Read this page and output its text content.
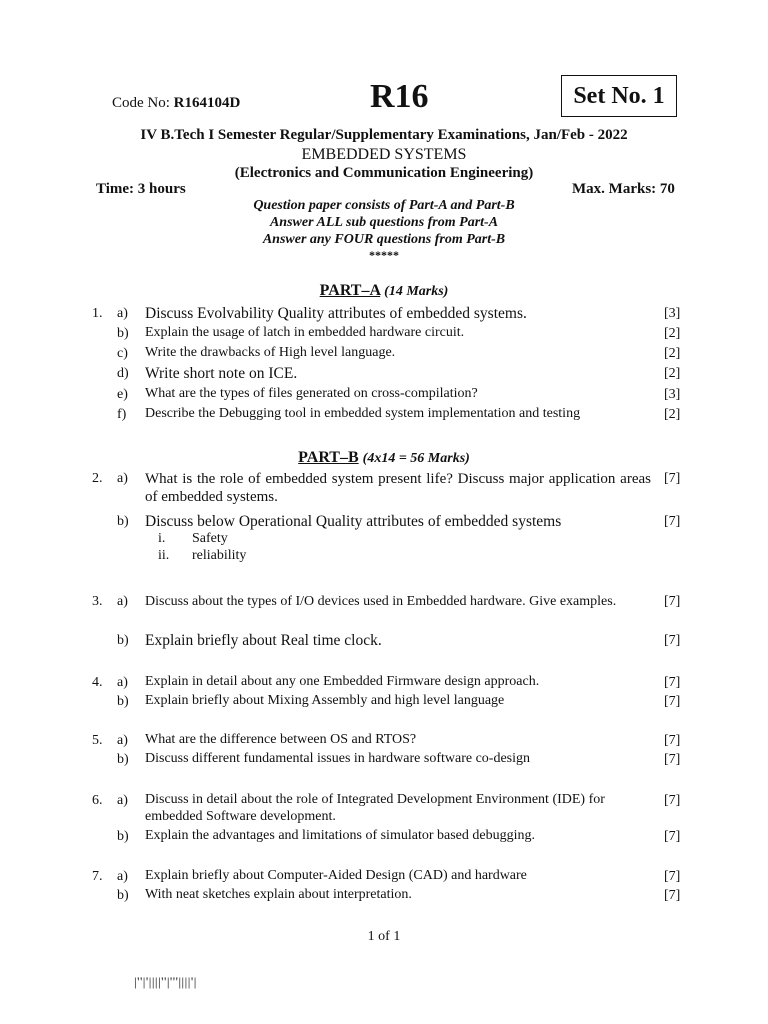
Code No: R164104D	R16	Set No. 1
IV B.Tech I Semester Regular/Supplementary Examinations, Jan/Feb - 2022
EMBEDDED SYSTEMS
(Electronics and Communication Engineering)
Time: 3 hours	Max. Marks: 70
Question paper consists of Part-A and Part-B
Answer ALL sub questions from Part-A
Answer any FOUR questions from Part-B
*****
PART–A (14 Marks)
1. a) Discuss Evolvability Quality attributes of embedded systems.	[3]
b) Explain the usage of latch in embedded hardware circuit.	[2]
c) Write the drawbacks of High level language.	[2]
d) Write short note on ICE.	[2]
e) What are the types of files generated on cross-compilation?	[3]
f) Describe the Debugging tool in embedded system implementation and testing	[2]
PART–B (4x14 = 56 Marks)
2. a) What is the role of embedded system present life? Discuss major application areas of embedded systems.
[7]
b) Discuss below Operational Quality attributes of embedded systems	[7]
i. Safety
ii. reliability
3. a) Discuss about the types of I/O devices used in Embedded hardware. Give examples.	[7]
b) Explain briefly about Real time clock.	[7]
4. a) Explain in detail about any one Embedded Firmware design approach.	[7]
b) Explain briefly about Mixing Assembly and high level language	[7]
5. a) What are the difference between OS and RTOS?	[7]
b) Discuss different fundamental issues in hardware software co-design	[7]
6. a) Discuss in detail about the role of Integrated Development Environment (IDE) for embedded Software development.
[7]
b) Explain the advantages and limitations of simulator based debugging.	[7]
7. a) Explain briefly about Computer-Aided Design (CAD) and hardware	[7]
b) With neat sketches explain about interpretation.	[7]
1 of 1
|''|'||||''|'''||||'|
